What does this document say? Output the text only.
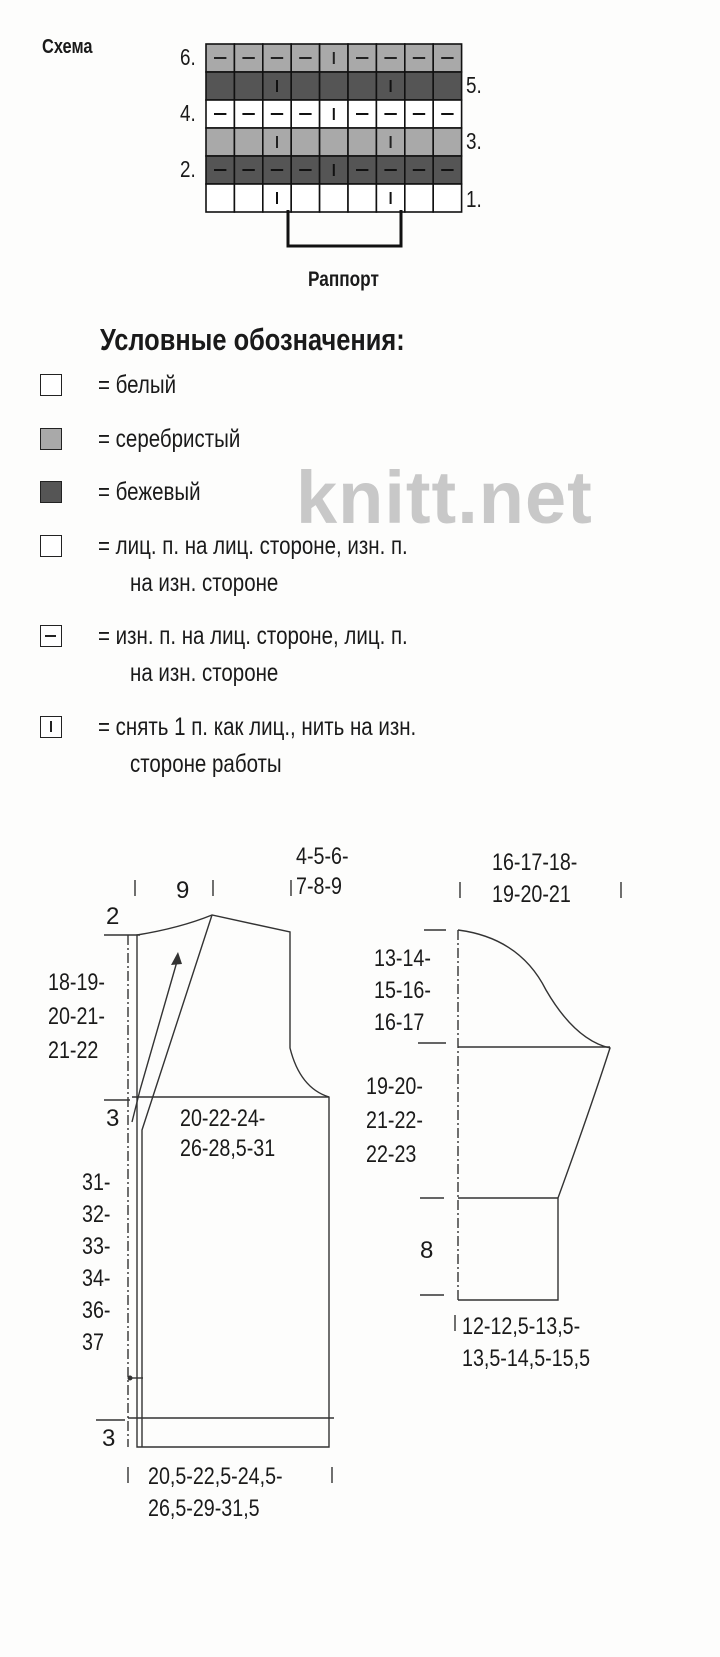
Схема	6.
4.
2.
5.
3.
1.
Раппорт
Условные обозначения:
= белый
= серебристый
= бежевый knitt.net
= лиц. п. на лиц. стороне, изн. п.
на изн. стороне
= изн. п. на лиц. стороне, лиц. п.
на изн. стороне
= снять 1 п. как лиц., нить на изн.
стороне работы
9
4-5-6-
7-8-9
2
18-19-
20-21-
21-22
3	20-22-24-
26-28,5-31
31-
32-
33-
34-
36-
37
3
20,5-22,5-24,5-
26,5-29-31,5
16-17-18-
19-20-21
13-14-
15-16-
16-17
19-20-
21-22-
22-23
8
12-12,5-13,5-
13,5-14,5-15,5
